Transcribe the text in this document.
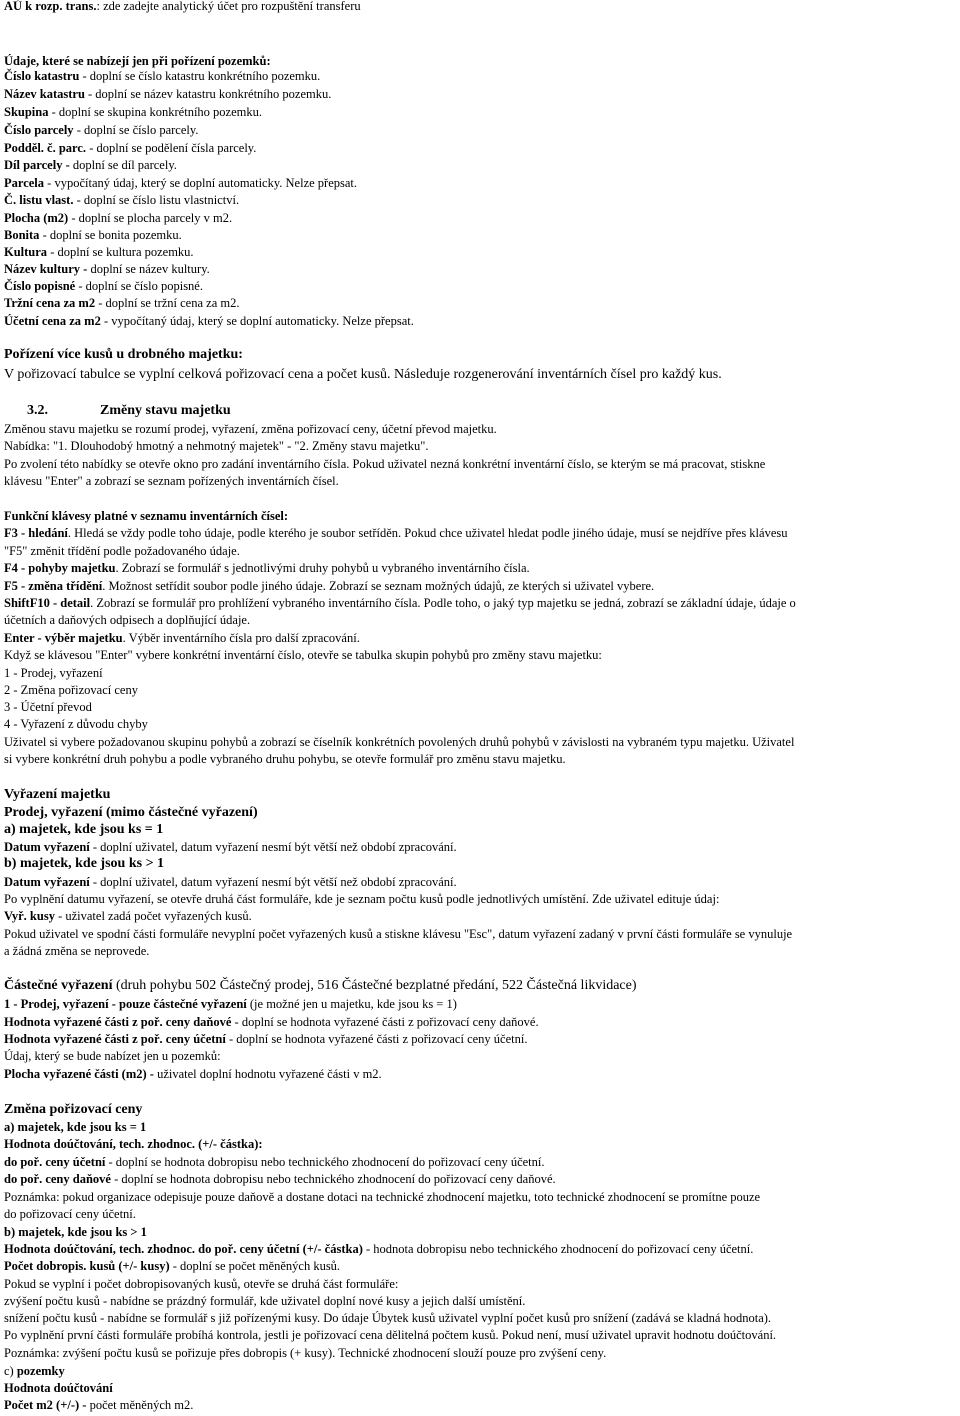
AÚ k rozp. trans.: zde zadejte analytický účet pro rozpuštění transferu
Údaje, které se nabízejí jen při pořízení pozemků:
Číslo katastru - doplní se číslo katastru konkrétního pozemku.
Název katastru - doplní se název katastru konkrétního pozemku.
Skupina - doplní se skupina konkrétního pozemku.
Číslo parcely - doplní se číslo parcely.
Podděl. č. parc. - doplní se podělení čísla parcely.
Díl parcely - doplní se díl parcely.
Parcela - vypočítaný údaj, který se doplní automaticky. Nelze přepsat.
Č. listu vlast. - doplní se číslo listu vlastnictví.
Plocha (m2) - doplní se plocha parcely v m2.
Bonita - doplní se bonita pozemku.
Kultura - doplní se kultura pozemku.
Název kultury - doplní se název kultury.
Číslo popisné - doplní se číslo popisné.
Tržní cena za m2 - doplní se tržní cena za m2.
Účetní cena za m2 - vypočítaný údaj, který se doplní automaticky. Nelze přepsat.
Pořízení více kusů u drobného majetku:
V pořizovací tabulce se vyplní celková pořizovací cena a počet kusů. Následuje rozgenerování inventárních čísel pro každý kus.
3.2.	Změny stavu majetku
Změnou stavu majetku se rozumí prodej, vyřazení, změna pořizovací ceny, účetní převod majetku.
Nabídka: "1. Dlouhodobý hmotný a nehmotný majetek" - "2. Změny stavu majetku".
Po zvolení této nabídky se otevře okno pro zadání inventárního čísla. Pokud uživatel nezná konkrétní inventární číslo, se kterým se má pracovat, stiskne
klávesu "Enter" a zobrazí se seznam pořízených inventárních čísel.
Funkční klávesy platné v seznamu inventárních čísel:
F3 - hledání. Hledá se vždy podle toho údaje, podle kterého je soubor setříděn. Pokud chce uživatel hledat podle jiného údaje, musí se nejdříve přes klávesu
"F5" změnit třídění podle požadovaného údaje.
F4 - pohyby majetku. Zobrazí se formulář s jednotlivými druhy pohybů u vybraného inventárního čísla.
F5 - změna třídění. Možnost setřídit soubor podle jiného údaje. Zobrazí se seznam možných údajů, ze kterých si uživatel vybere.
ShiftF10 - detail. Zobrazí se formulář pro prohlížení vybraného inventárního čísla. Podle toho, o jaký typ majetku se jedná, zobrazí se základní údaje, údaje o
účetních a daňových odpisech a doplňující údaje.
Enter - výběr majetku. Výběr inventárního čísla pro další zpracování.
Když se klávesou "Enter" vybere konkrétní inventární číslo, otevře se tabulka skupin pohybů pro změny stavu majetku:
1 - Prodej, vyřazení
2 - Změna pořizovací ceny
3 - Účetní převod
4 - Vyřazení z důvodu chyby
Uživatel si vybere požadovanou skupinu pohybů a zobrazí se číselník konkrétních povolených druhů pohybů v závislosti na vybraném typu majetku. Uživatel
si vybere konkrétní druh pohybu a podle vybraného druhu pohybu, se otevře formulář pro změnu stavu majetku.
Vyřazení majetku
Prodej, vyřazení (mimo částečné vyřazení)
a) majetek, kde jsou ks = 1
Datum vyřazení - doplní uživatel, datum vyřazení nesmí být větší než období zpracování.
b) majetek, kde jsou ks > 1
Datum vyřazení - doplní uživatel, datum vyřazení nesmí být větší než období zpracování.
Po vyplnění datumu vyřazení, se otevře druhá část formuláře, kde je seznam počtu kusů podle jednotlivých umístění. Zde uživatel edituje údaj:
Vyř. kusy - uživatel zadá počet vyřazených kusů.
Pokud uživatel ve spodní části formuláře nevyplní počet vyřazených kusů a stiskne klávesu "Esc", datum vyřazení zadaný v první části formuláře se vynuluje
a žádná změna se neprovede.
Částečné vyřazení (druh pohybu 502 Částečný prodej, 516 Částečné bezplatné předání, 522 Částečná likvidace)
1 - Prodej, vyřazení - pouze částečné vyřazení (je možné jen u majetku, kde jsou ks = 1)
Hodnota vyřazené části z poř. ceny daňové - doplní se hodnota vyřazené části z pořizovací ceny daňové.
Hodnota vyřazené části z poř. ceny účetní - doplní se hodnota vyřazené části z pořizovací ceny účetní.
Údaj, který se bude nabízet jen u pozemků:
Plocha vyřazené části (m2) - uživatel doplní hodnotu vyřazené části v m2.
Změna pořizovací ceny
a) majetek, kde jsou ks = 1
Hodnota doúčtování, tech. zhodnoc. (+/- částka):
do poř. ceny účetní - doplní se hodnota dobropisu nebo technického zhodnocení do pořizovací ceny účetní.
do poř. ceny daňové - doplní se hodnota dobropisu nebo technického zhodnocení do pořizovací ceny daňové.
Poznámka: pokud organizace odepisuje pouze daňově a dostane dotaci na technické zhodnocení majetku, toto technické zhodnocení se promítne pouze
do pořizovací ceny účetní.
b) majetek, kde jsou ks > 1
Hodnota doúčtování, tech. zhodnoc. do poř. ceny účetní (+/- částka) - hodnota dobropisu nebo technického zhodnocení do pořizovací ceny účetní.
Počet dobropis. kusů (+/- kusy) - doplní se počet měněných kusů.
Pokud se vyplní i počet dobropisovaných kusů, otevře se druhá část formuláře:
zvýšení počtu kusů - nabídne se prázdný formulář, kde uživatel doplní nové kusy a jejich další umístění.
snížení počtu kusů - nabídne se formulář s již pořízenými kusy. Do údaje Úbytek kusů uživatel vyplní počet kusů pro snížení (zadává se kladná hodnota).
Po vyplnění první části formuláře probíhá kontrola, jestli je pořizovací cena dělitelná počtem kusů. Pokud není, musí uživatel upravit hodnotu doúčtování.
Poznámka: zvýšení počtu kusů se pořizuje přes dobropis (+ kusy). Technické zhodnocení slouží pouze pro zvýšení ceny.
c) pozemky
Hodnota doúčtování
Počet m2 (+/-) - počet měněných m2.
